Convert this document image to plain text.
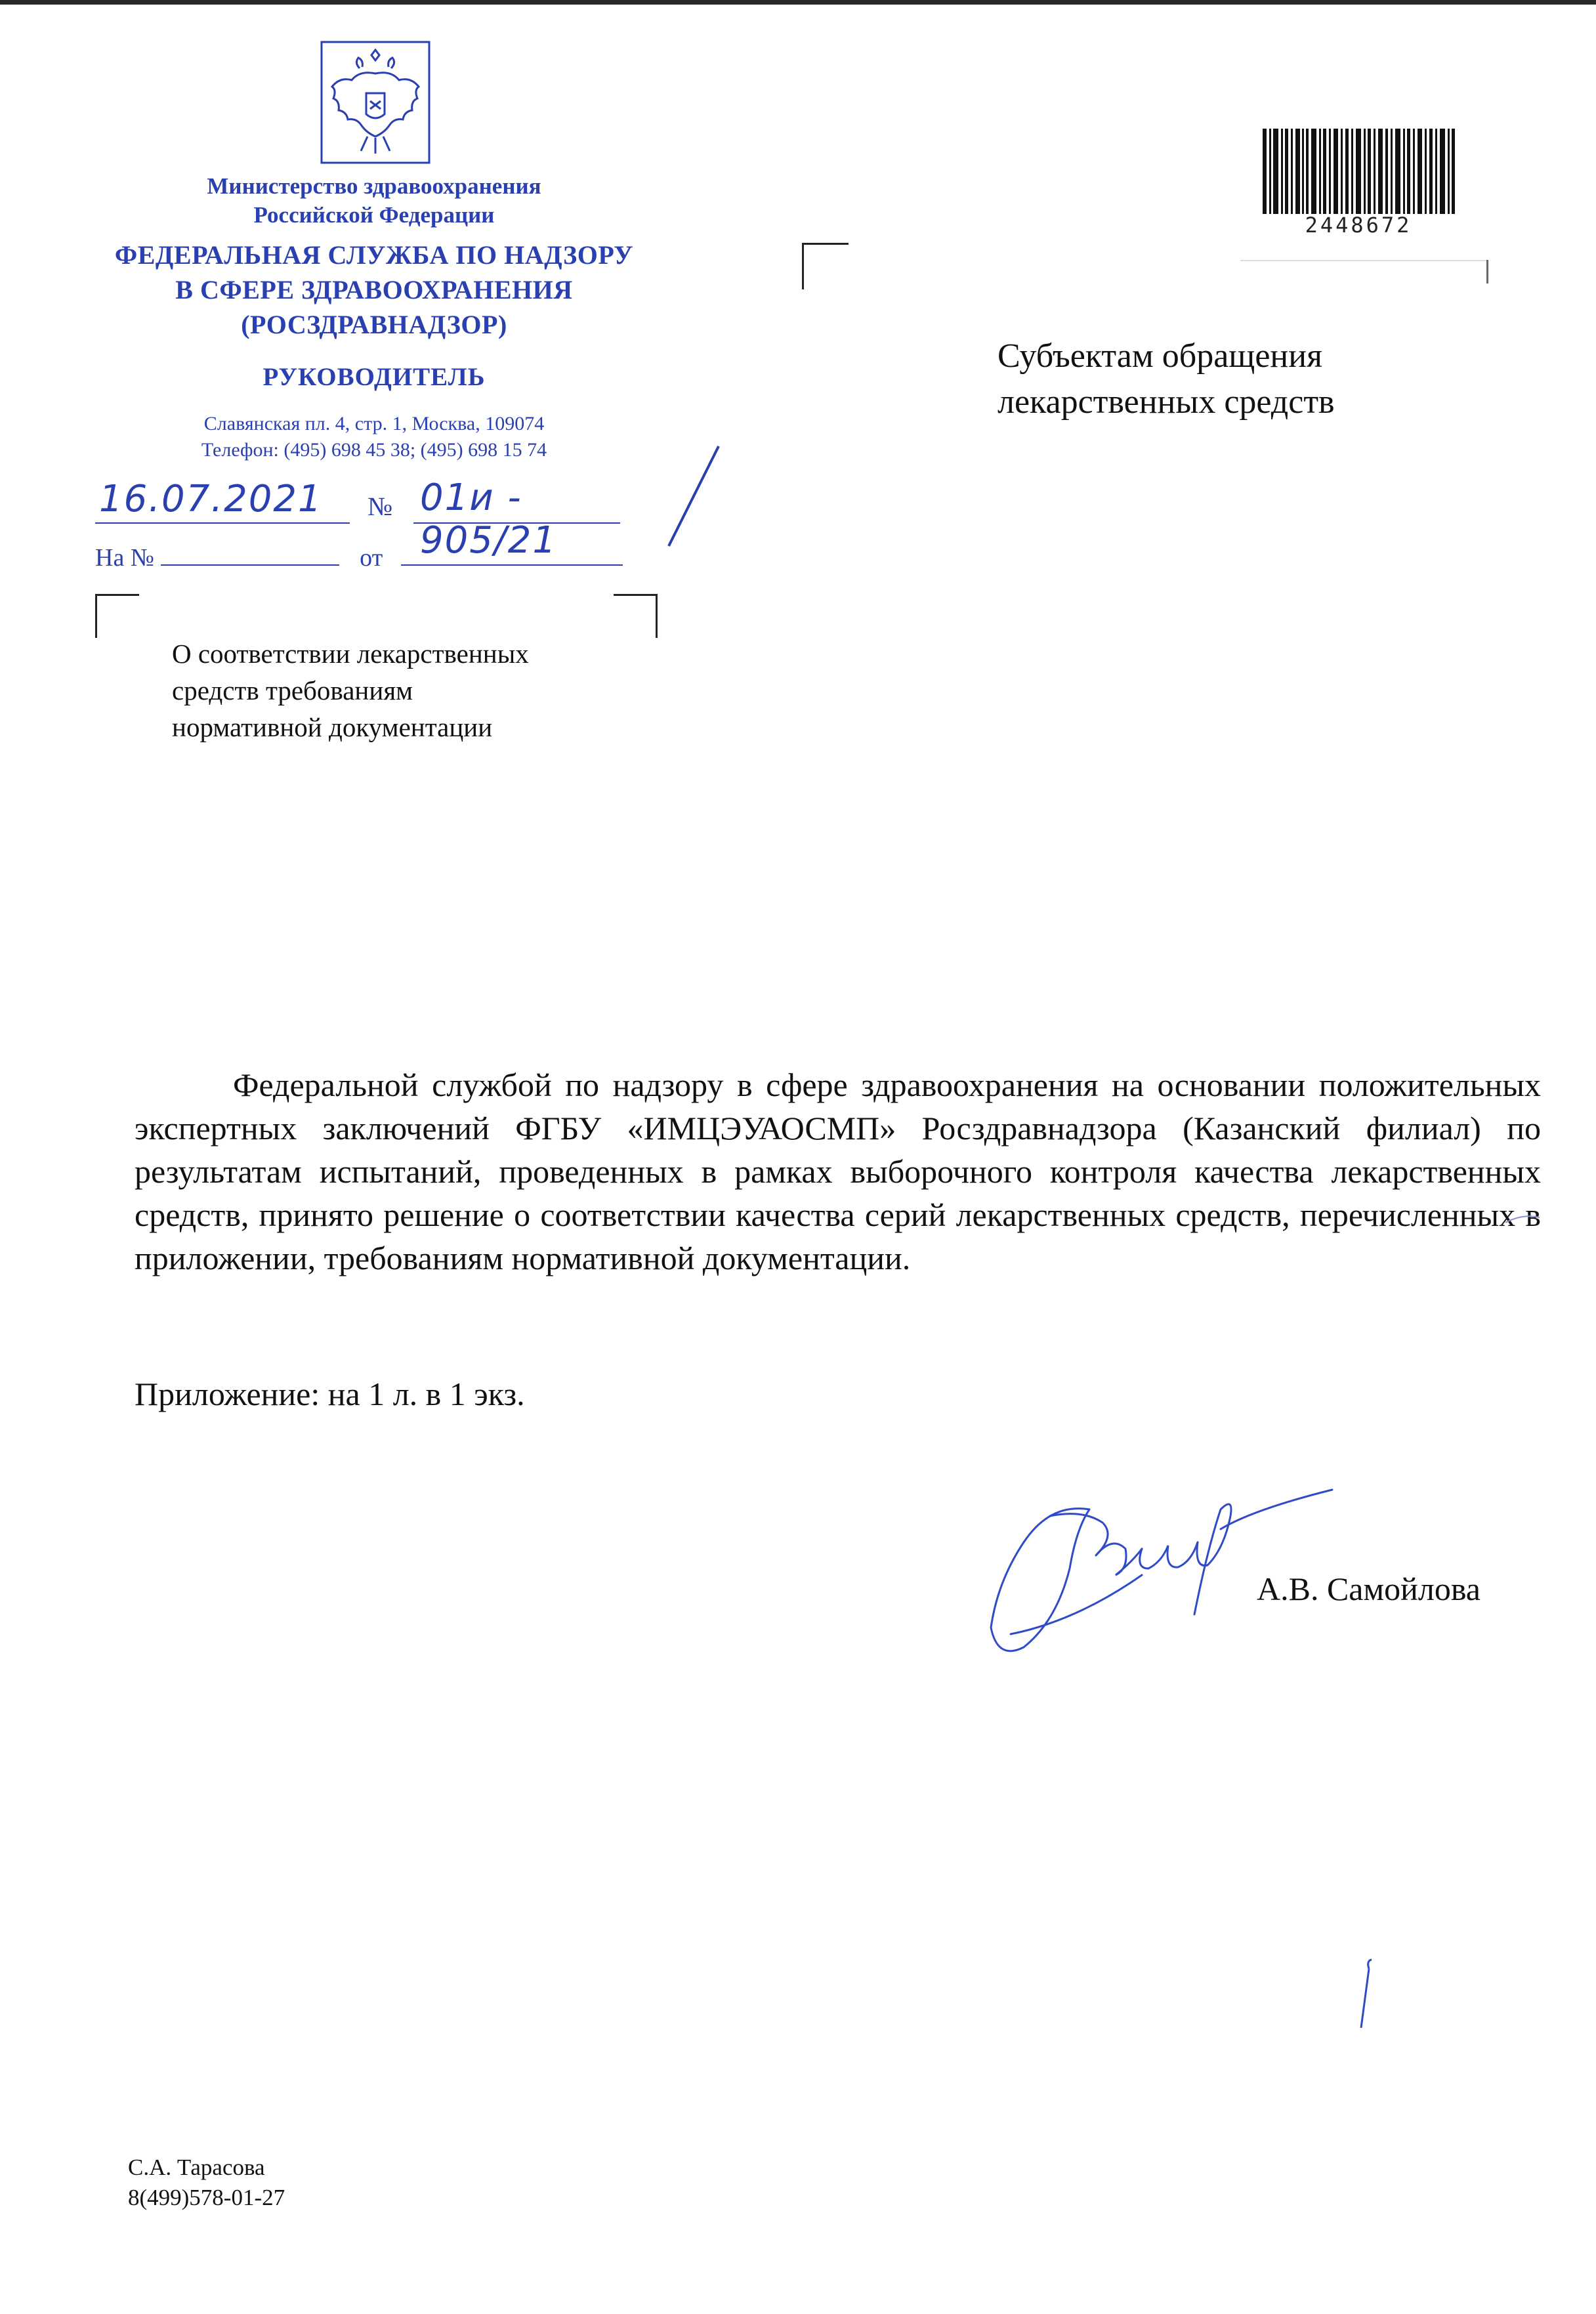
Министерство здравоохранения
Российской Федерации
ФЕДЕРАЛЬНАЯ СЛУЖБА ПО НАДЗОРУ
В СФЕРЕ ЗДРАВООХРАНЕНИЯ
(РОСЗДРАВНАДЗОР)
РУКОВОДИТЕЛЬ
Славянская пл. 4, стр. 1, Москва, 109074
Телефон: (495) 698 45 38; (495) 698 15 74
16.07.2021 № 01и - 905/21
На №	от
О соответствии лекарственных
средств требованиям
нормативной документации
Субъектам обращения
лекарственных средств
2448672

Федеральной службой по надзору в сфере здравоохранения на основании положительных экспертных заключений ФГБУ «ИМЦЭУАОСМП» Росздравнадзора (Казанский филиал) по результатам испытаний, проведенных в рамках выборочного контроля качества лекарственных средств, принято решение о соответствии качества серий лекарственных средств, перечисленных в приложении, требованиям нормативной документации.

Приложение: на 1 л. в 1 экз.
А.В. Самойлова
С.А. Тарасова
8(499)578-01-27
